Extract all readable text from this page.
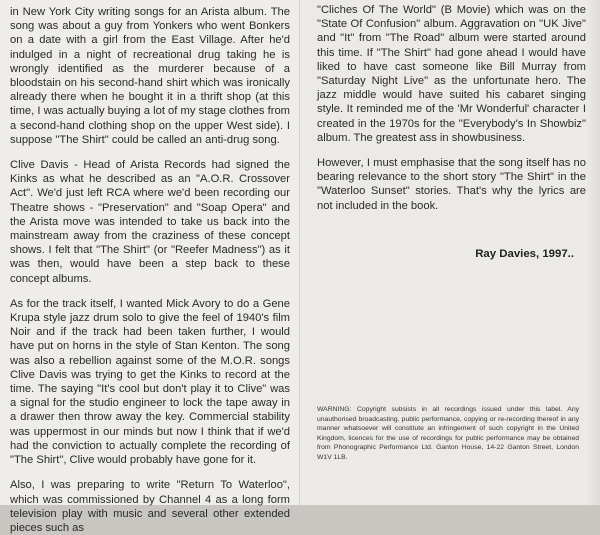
in New York City writing songs for an Arista album. The song was about a guy from Yonkers who went Bonkers on a date with a girl from the East Village. After he'd indulged in a night of recreational drug taking he is wrongly identified as the murderer because of a bloodstain on his second-hand shirt which was ironically already there when he bought it in a thrift shop (at this time, I was actually buying a lot of my stage clothes from a second-hand clothing shop on the upper West side). I suppose "The Shirt" could be called an anti-drug song.

Clive Davis - Head of Arista Records had signed the Kinks as what he described as an "A.O.R. Crossover Act". We'd just left RCA where we'd been recording our Theatre shows - "Preservation" and "Soap Opera" and the Arista move was intended to take us back into the mainstream away from the craziness of these concept shows. I felt that "The Shirt" (or "Reefer Madness") as it was then, would have been a step back to these concept albums.

As for the track itself, I wanted Mick Avory to do a Gene Krupa style jazz drum solo to give the feel of 1940's film Noir and if the track had been taken further, I would have put on horns in the style of Stan Kenton. The song was also a rebellion against some of the M.O.R. songs Clive Davis was trying to get the Kinks to record at the time. The saying "It's cool but don't play it to Clive" was a signal for the studio engineer to lock the tape away in a drawer then throw away the key. Commercial stability was uppermost in our minds but now I think that if we'd had the conviction to actually complete the recording of "The Shirt", Clive would probably have gone for it.

Also, I was preparing to write "Return To Waterloo", which was commissioned by Channel 4 as a long form television play with music and several other extended pieces such as

"Cliches Of The World" (B Movie) which was on the "State Of Confusion" album. Aggravation on "UK Jive" and "It" from "The Road" album were started around this time. If "The Shirt" had gone ahead I would have liked to have cast someone like Bill Murray from "Saturday Night Live" as the unfortunate hero. The jazz middle would have suited his cabaret singing style. It reminded me of the 'Mr Wonderful' character I created in the 1970s for the "Everybody's In Showbiz" album. The greatest ass in showbusiness.

However, I must emphasise that the song itself has no bearing relevance to the short story "The Shirt" in the "Waterloo Sunset" stories. That's why the lyrics are not included in the book.

Ray Davies, 1997..
WARNING: Copyright subsists in all recordings issued under this label. Any unauthorised broadcasting, public performance, copying or re-recording thereof in any manner whatsoever will constitute an infringement of such copyright in the United Kingdom, licences for the use of recordings for public performance may be obtained from Phonographic Performance Ltd. Ganton House, 14-22 Ganton Street, London W1V 1LB.
